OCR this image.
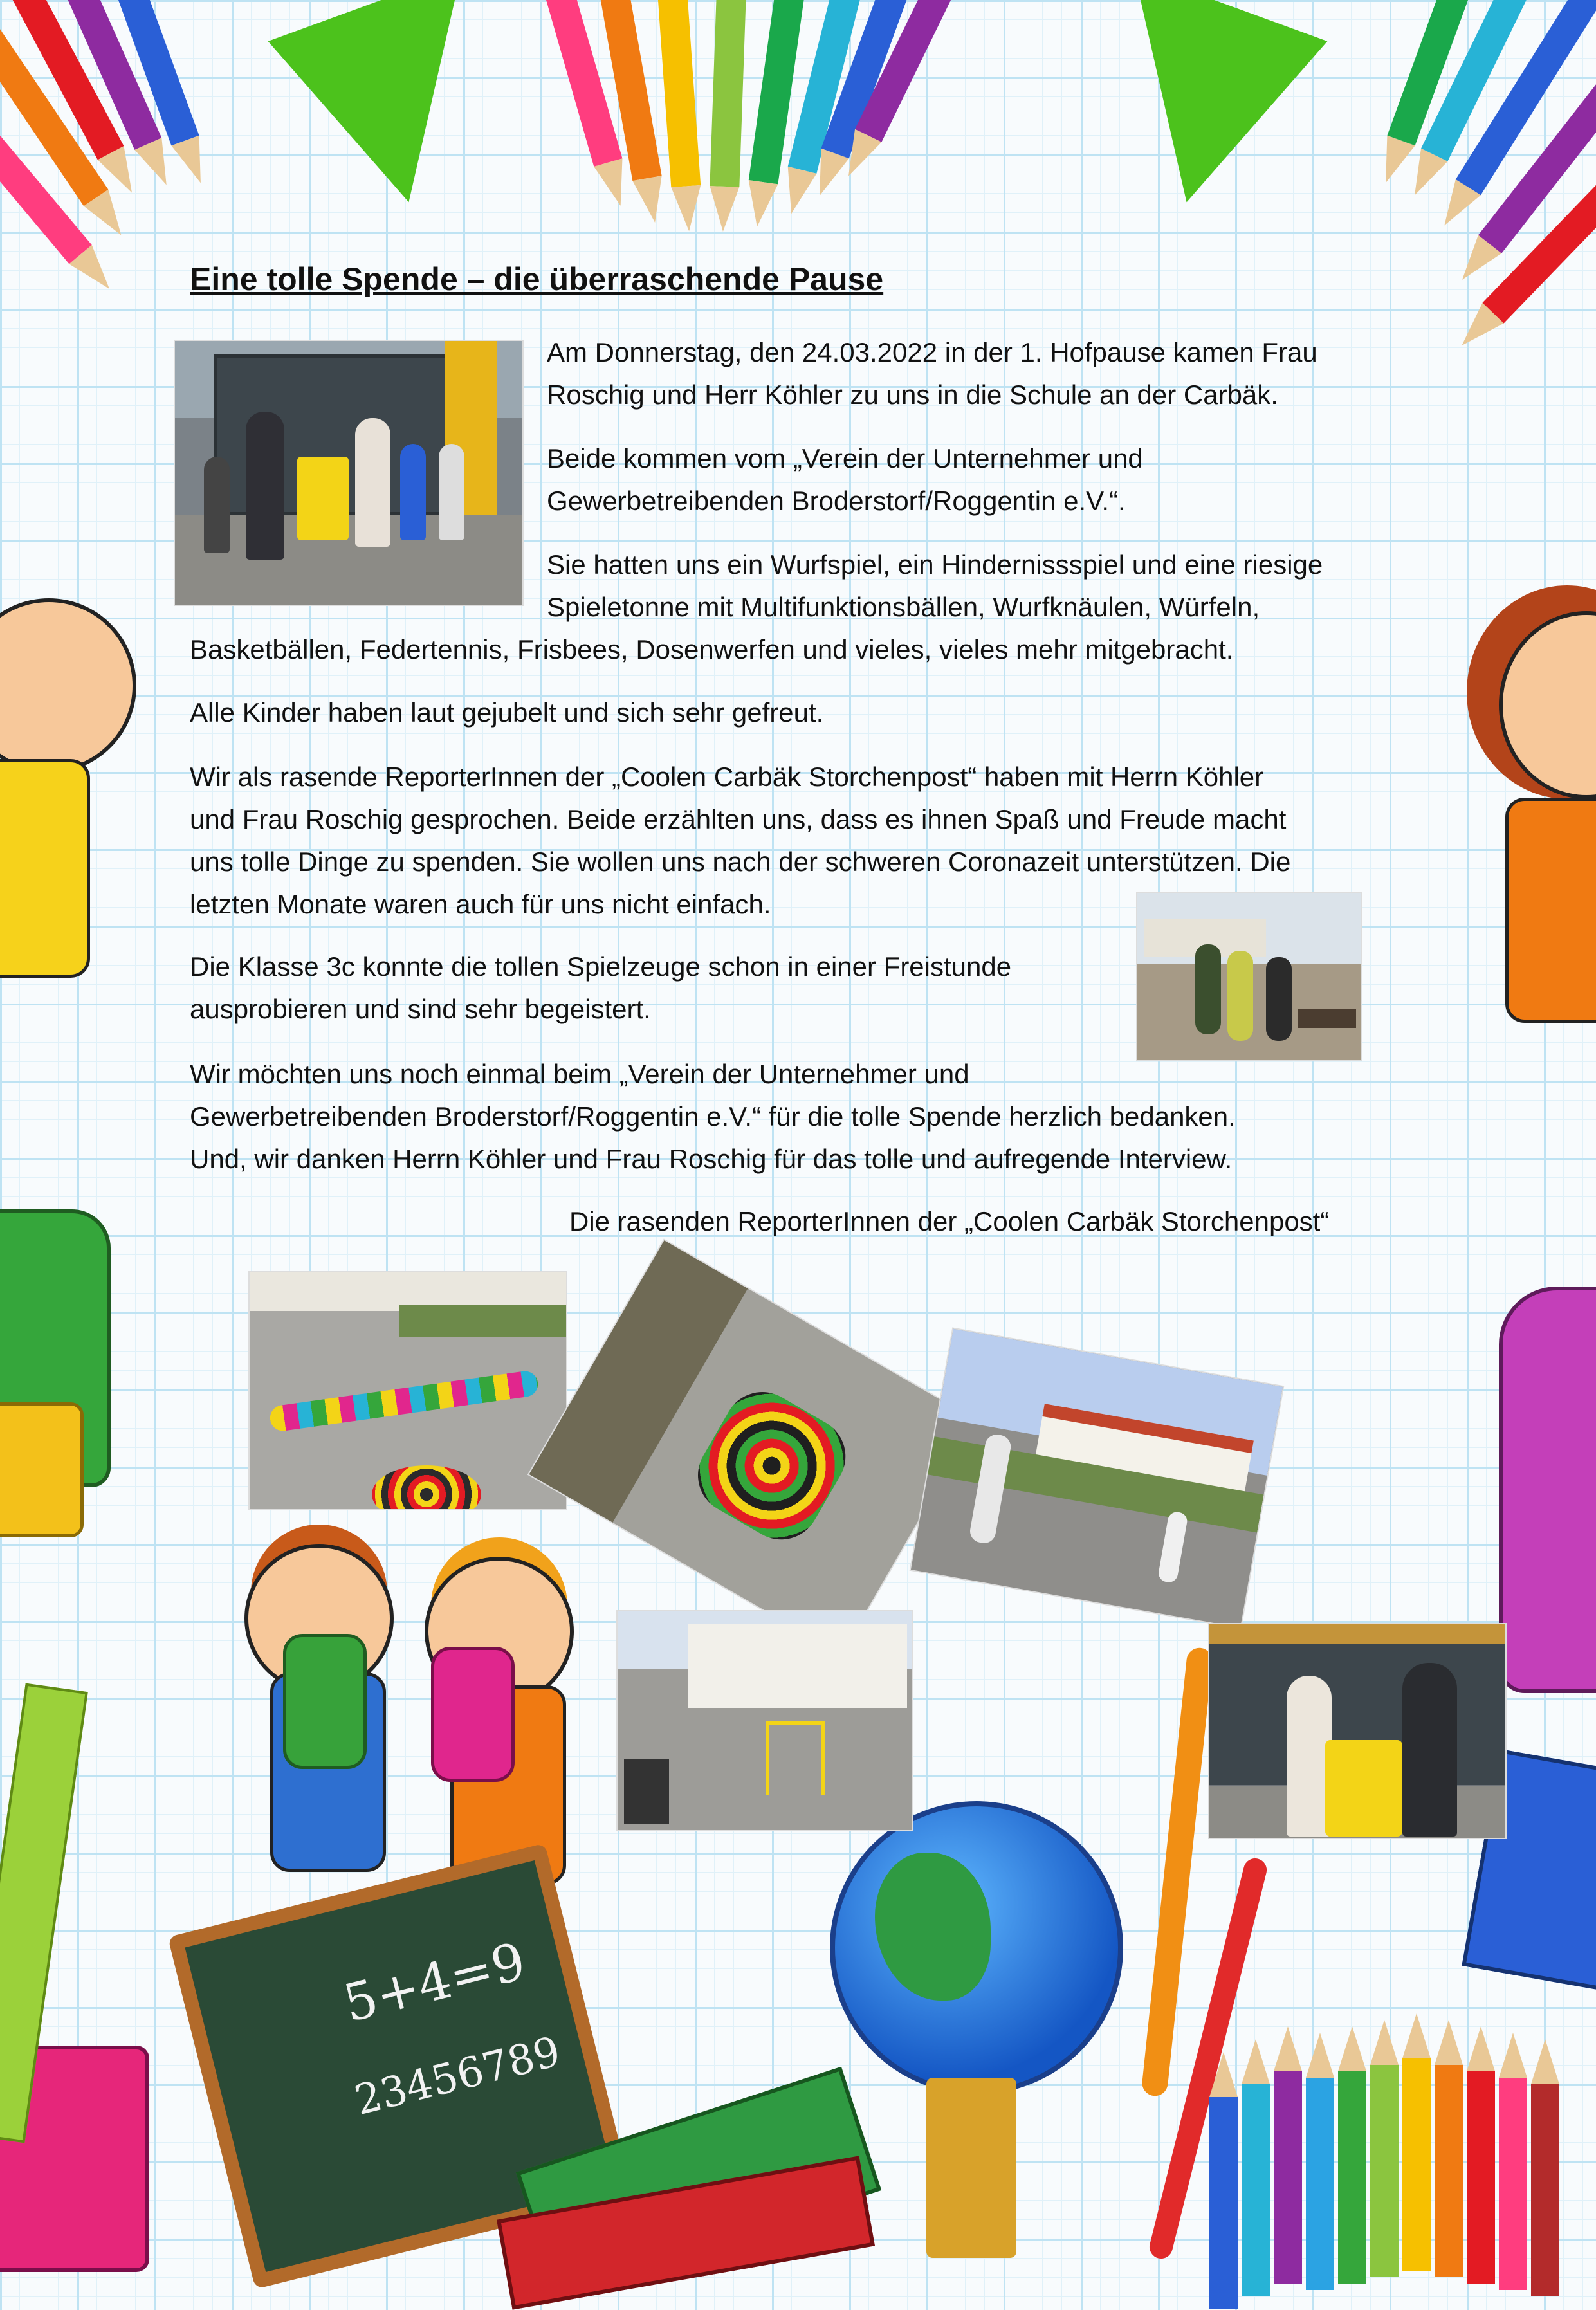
5+4=9
23456789
Eine tolle Spende – die überraschende Pause
Am Donnerstag, den 24.03.2022 in der 1. Hofpause kamen Frau
Roschig und Herr Köhler zu uns in die Schule an der Carbäk.
Beide kommen vom „Verein der Unternehmer und
Gewerbetreibenden Broderstorf/Roggentin e.V.“.
Sie hatten uns ein Wurfspiel, ein Hindernissspiel und eine riesige
Spieletonne mit Multifunktionsbällen, Wurfknäulen, Würfeln,
Basketbällen, Federtennis, Frisbees, Dosenwerfen und vieles, vieles mehr mitgebracht.
Alle Kinder haben laut gejubelt und sich sehr gefreut.
Wir als rasende ReporterInnen der „Coolen Carbäk Storchenpost“ haben mit Herrn Köhler
und Frau Roschig gesprochen. Beide erzählten uns, dass es ihnen Spaß und Freude macht
uns tolle Dinge zu spenden. Sie wollen uns nach der schweren Coronazeit unterstützen. Die
letzten Monate waren auch für uns nicht einfach.
Die Klasse 3c konnte die tollen Spielzeuge schon in einer Freistunde
ausprobieren und sind sehr begeistert.
Wir möchten uns noch einmal beim „Verein der Unternehmer und
Gewerbetreibenden Broderstorf/Roggentin e.V.“ für die tolle Spende herzlich bedanken.
Und, wir danken Herrn Köhler und Frau Roschig für das tolle und aufregende Interview.
Die rasenden ReporterInnen der „Coolen Carbäk Storchenpost“
